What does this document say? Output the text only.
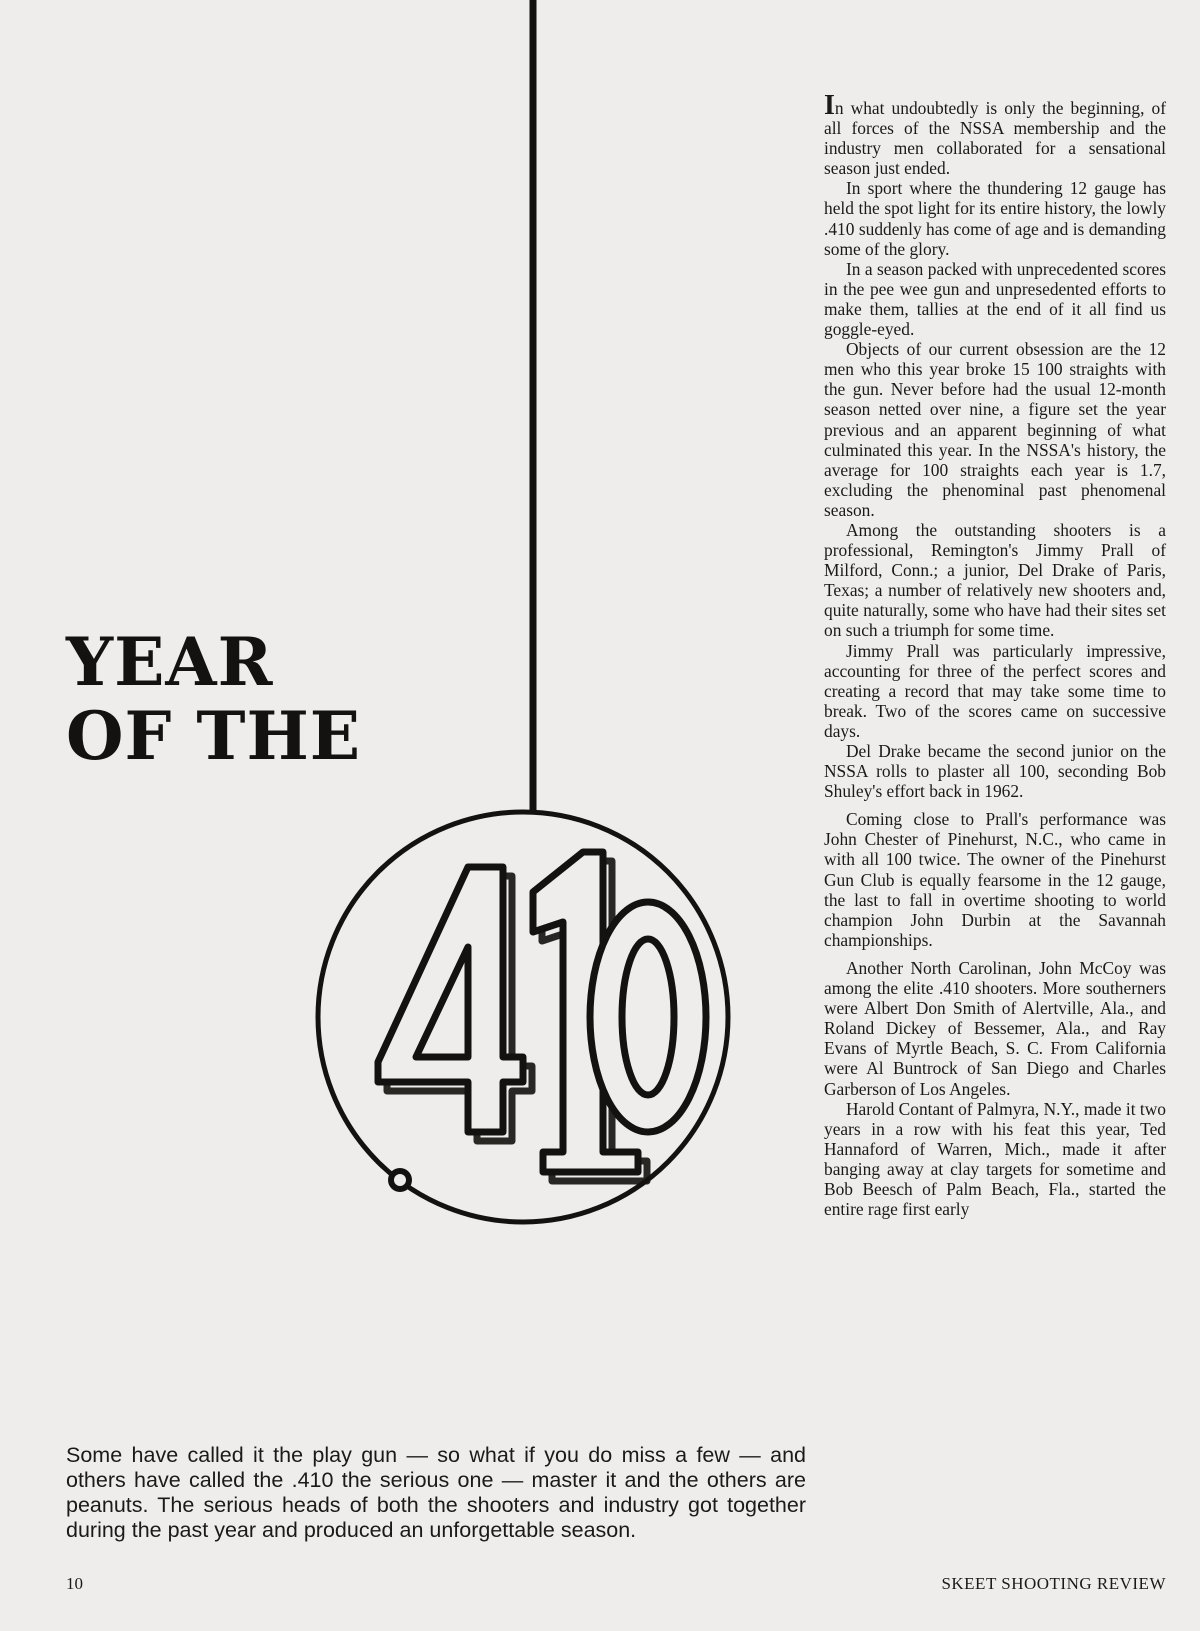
YEAR
OF THE
.410

Some have called it the play gun — so what if you do miss a few — and others have called the .410 the serious one — master it and the others are peanuts. The serious heads of both the shooters and industry got together during the past year and produced an unforgettable season.

In what undoubtedly is only the beginning, of all forces of the NSSA membership and the industry men collaborated for a sensational season just ended.

In sport where the thundering 12 gauge has held the spot light for its entire history, the lowly .410 suddenly has come of age and is demanding some of the glory.

In a season packed with unprecedented scores in the pee wee gun and unpresedented efforts to make them, tallies at the end of it all find us goggle-eyed.

Objects of our current obsession are the 12 men who this year broke 15 100 straights with the gun. Never before had the usual 12-month season netted over nine, a figure set the year previous and an apparent beginning of what culminated this year. In the NSSA's history, the average for 100 straights each year is 1.7, excluding the phenominal past phenomenal season.

Among the outstanding shooters is a professional, Remington's Jimmy Prall of Milford, Conn.; a junior, Del Drake of Paris, Texas; a number of relatively new shooters and, quite naturally, some who have had their sites set on such a triumph for some time.

Jimmy Prall was particularly impressive, accounting for three of the perfect scores and creating a record that may take some time to break. Two of the scores came on successive days.

Del Drake became the second junior on the NSSA rolls to plaster all 100, seconding Bob Shuley's effort back in 1962.

Coming close to Prall's performance was John Chester of Pinehurst, N.C., who came in with all 100 twice. The owner of the Pinehurst Gun Club is equally fearsome in the 12 gauge, the last to fall in overtime shooting to world champion John Durbin at the Savannah championships.

Another North Carolinan, John McCoy was among the elite .410 shooters. More southerners were Albert Don Smith of Alertville, Ala., and Roland Dickey of Bessemer, Ala., and Ray Evans of Myrtle Beach, S. C. From California were Al Buntrock of San Diego and Charles Garberson of Los Angeles.

Harold Contant of Palmyra, N.Y., made it two years in a row with his feat this year, Ted Hannaford of Warren, Mich., made it after banging away at clay targets for sometime and Bob Beesch of Palm Beach, Fla., started the entire rage first early

10	SKEET SHOOTING REVIEW
